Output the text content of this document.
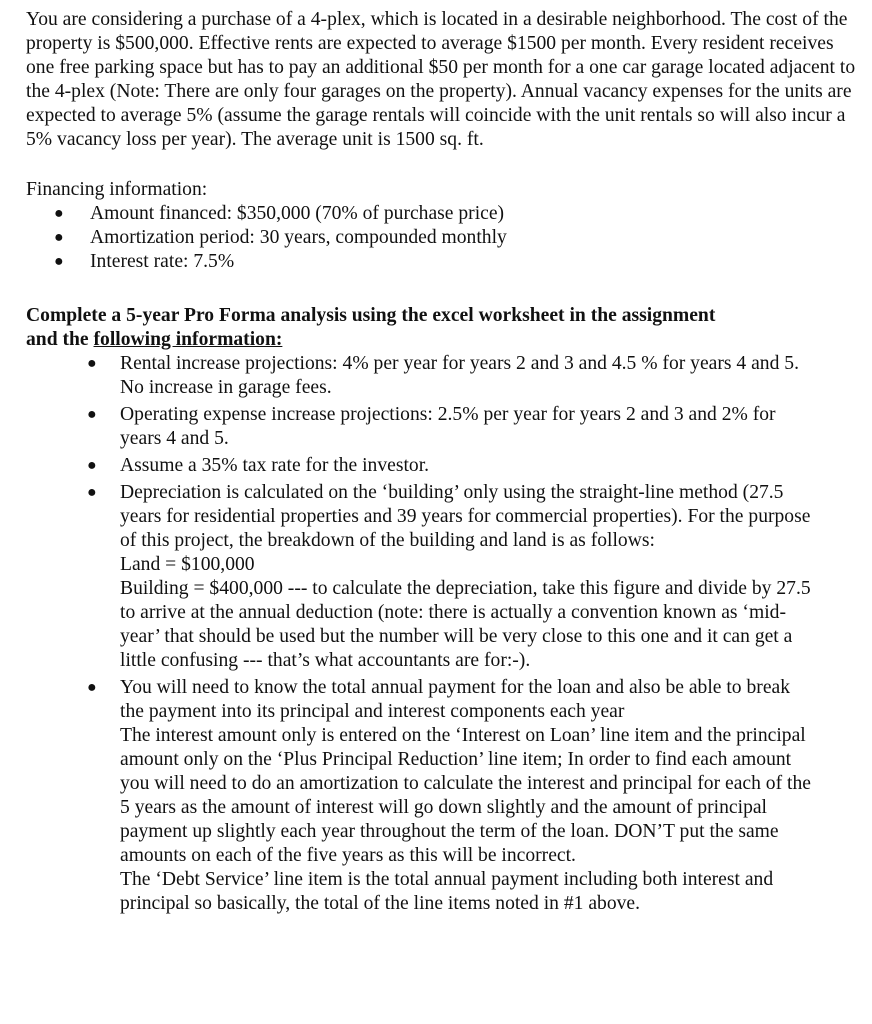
You are considering a purchase of a 4-plex, which is located in a desirable neighborhood. The cost of the property is $500,000. Effective rents are expected to average $1500 per month. Every resident receives one free parking space but has to pay an additional $50 per month for a one car garage located adjacent to the 4-plex (Note: There are only four garages on the property). Annual vacancy expenses for the units are expected to average 5% (assume the garage rentals will coincide with the unit rentals so will also incur a 5% vacancy loss per year). The average unit is 1500 sq. ft.

Financing information:

● Amount financed: $350,000 (70% of purchase price)
● Amortization period: 30 years, compounded monthly
● Interest rate: 7.5%

Complete a 5-year Pro Forma analysis using the excel worksheet in the assignment
and the following information:

● Rental increase projections: 4% per year for years 2 and 3 and 4.5 % for years 4 and 5. No increase in garage fees.
● Operating expense increase projections: 2.5% per year for years 2 and 3 and 2% for years 4 and 5.
● Assume a 35% tax rate for the investor.
● Depreciation is calculated on the ‘building’ only using the straight-line method (27.5 years for residential properties and 39 years for commercial properties). For the purpose of this project, the breakdown of the building and land is as follows:
Land = $100,000
Building = $400,000 --- to calculate the depreciation, take this figure and divide by 27.5 to arrive at the annual deduction (note: there is actually a convention known as ‘mid-year’ that should be used but the number will be very close to this one and it can get a little confusing --- that’s what accountants are for:-).
● You will need to know the total annual payment for the loan and also be able to break the payment into its principal and interest components each year
The interest amount only is entered on the ‘Interest on Loan’ line item and the principal amount only on the ‘Plus Principal Reduction’ line item; In order to find each amount you will need to do an amortization to calculate the interest and principal for each of the 5 years as the amount of interest will go down slightly and the amount of principal payment up slightly each year throughout the term of the loan. DON’T put the same amounts on each of the five years as this will be incorrect.
The ‘Debt Service’ line item is the total annual payment including both interest and principal so basically, the total of the line items noted in #1 above.
